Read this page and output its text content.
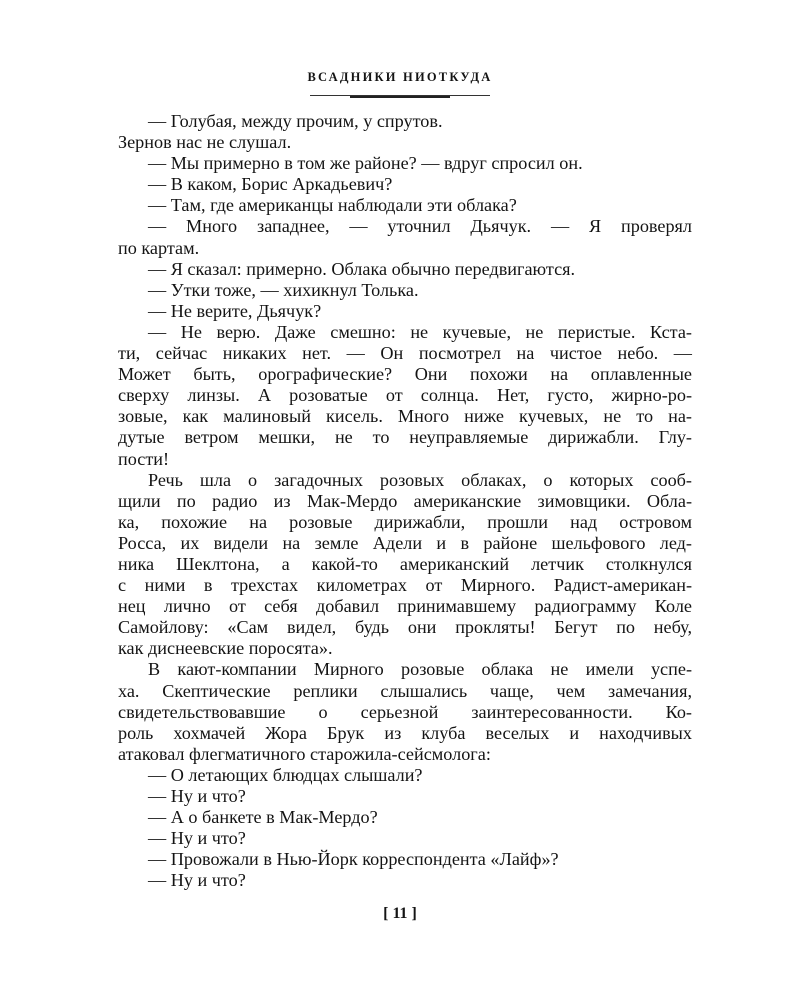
ВСАДНИКИ НИОТКУДА
— Голубая, между прочим, у спрутов.
Зернов нас не слушал.
— Мы примерно в том же районе? — вдруг спросил он.
— В каком, Борис Аркадьевич?
— Там, где американцы наблюдали эти облака?
— Много западнее, — уточнил Дьячук. — Я проверял
по картам.
— Я сказал: примерно. Облака обычно передвигаются.
— Утки тоже, — хихикнул Толька.
— Не верите, Дьячук?
— Не верю. Даже смешно: не кучевые, не перистые. Кста-
ти, сейчас никаких нет. — Он посмотрел на чистое небо. —
Может быть, орографические? Они похожи на оплавленные
сверху линзы. А розоватые от солнца. Нет, густо, жирно-ро-
зовые, как малиновый кисель. Много ниже кучевых, не то на-
дутые ветром мешки, не то неуправляемые дирижабли. Глу-
пости!
Речь шла о загадочных розовых облаках, о которых сооб-
щили по радио из Мак-Мердо американские зимовщики. Обла-
ка, похожие на розовые дирижабли, прошли над островом
Росса, их видели на земле Адели и в районе шельфового лед-
ника Шеклтона, а какой-то американский летчик столкнулся
с ними в трехстах километрах от Мирного. Радист-американ-
нец лично от себя добавил принимавшему радиограмму Коле
Самойлову: «Сам видел, будь они прокляты! Бегут по небу,
как диснеевские поросята».
В кают-компании Мирного розовые облака не имели успе-
ха. Скептические реплики слышались чаще, чем замечания,
свидетельствовавшие о серьезной заинтересованности. Ко-
роль хохмачей Жора Брук из клуба веселых и находчивых
атаковал флегматичного старожила-сейсмолога:
— О летающих блюдцах слышали?
— Ну и что?
— А о банкете в Мак-Мердо?
— Ну и что?
— Провожали в Нью-Йорк корреспондента «Лайф»?
— Ну и что?
[ 11 ]
